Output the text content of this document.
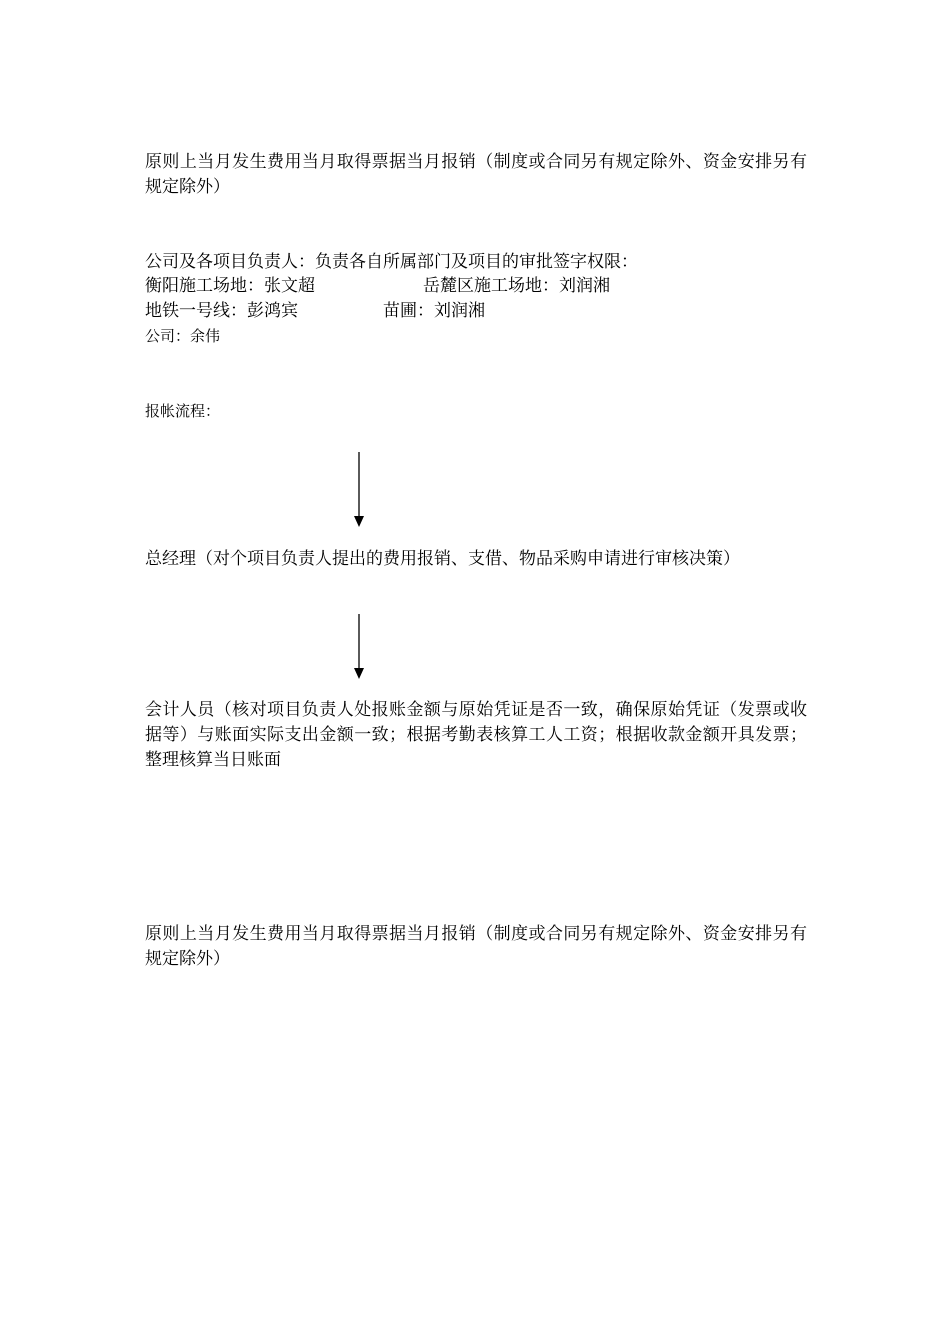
原则上当月发生费用当月取得票据当月报销（制度或合同另有规定除外、资金安排另有规定除外）

公司及各项目负责人：负责各自所属部门及项目的审批签字权限：

衡阳施工场地：张文超	岳麓区施工场地：刘润湘
地铁一号线：彭鸿宾	苗圃：刘润湘

公司：余伟

报帐流程：

总经理（对个项目负责人提出的费用报销、支借、物品采购申请进行审核决策）

会计人员（核对项目负责人处报账金额与原始凭证是否一致，确保原始凭证（发票或收据等）与账面实际支出金额一致；根据考勤表核算工人工资；根据收款金额开具发票；整理核算当日账面

原则上当月发生费用当月取得票据当月报销（制度或合同另有规定除外、资金安排另有规定除外）
